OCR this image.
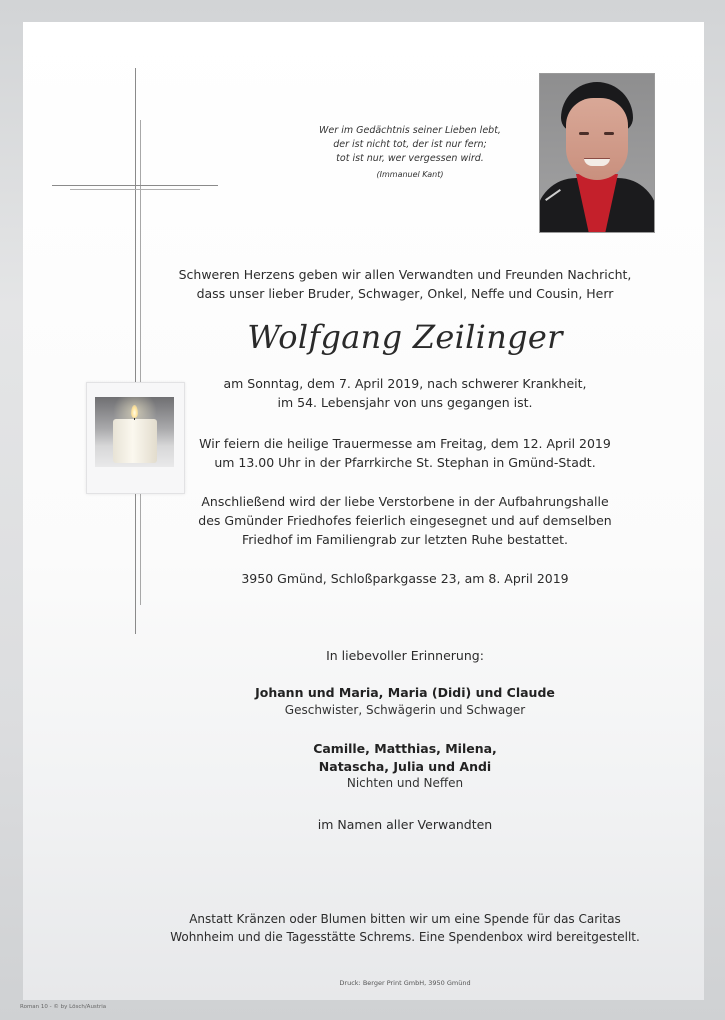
Wer im Gedächtnis seiner Lieben lebt,
der ist nicht tot, der ist nur fern;
tot ist nur, wer vergessen wird.
(Immanuel Kant)
Schweren Herzens geben wir allen Verwandten und Freunden Nachricht,
dass unser lieber Bruder, Schwager, Onkel, Neffe und Cousin, Herr
Wolfgang Zeilinger
am Sonntag, dem 7. April 2019, nach schwerer Krankheit,
im 54. Lebensjahr von uns gegangen ist.
Wir feiern die heilige Trauermesse am Freitag, dem 12. April 2019
um 13.00 Uhr in der Pfarrkirche St. Stephan in Gmünd-Stadt.
Anschließend wird der liebe Verstorbene in der Aufbahrungshalle
des Gmünder Friedhofes feierlich eingesegnet und auf demselben
Friedhof im Familiengrab zur letzten Ruhe bestattet.
3950 Gmünd, Schloßparkgasse 23, am 8. April 2019
In liebevoller Erinnerung:
Johann und Maria, Maria (Didi) und Claude
Geschwister, Schwägerin und Schwager
Camille, Matthias, Milena,
Natascha, Julia und Andi
Nichten und Neffen
im Namen aller Verwandten
Anstatt Kränzen oder Blumen bitten wir um eine Spende für das Caritas
Wohnheim und die Tagesstätte Schrems. Eine Spendenbox wird bereitgestellt.
Druck: Berger Print GmbH, 3950 Gmünd
Roman 10 - © by Lösch/Austria
